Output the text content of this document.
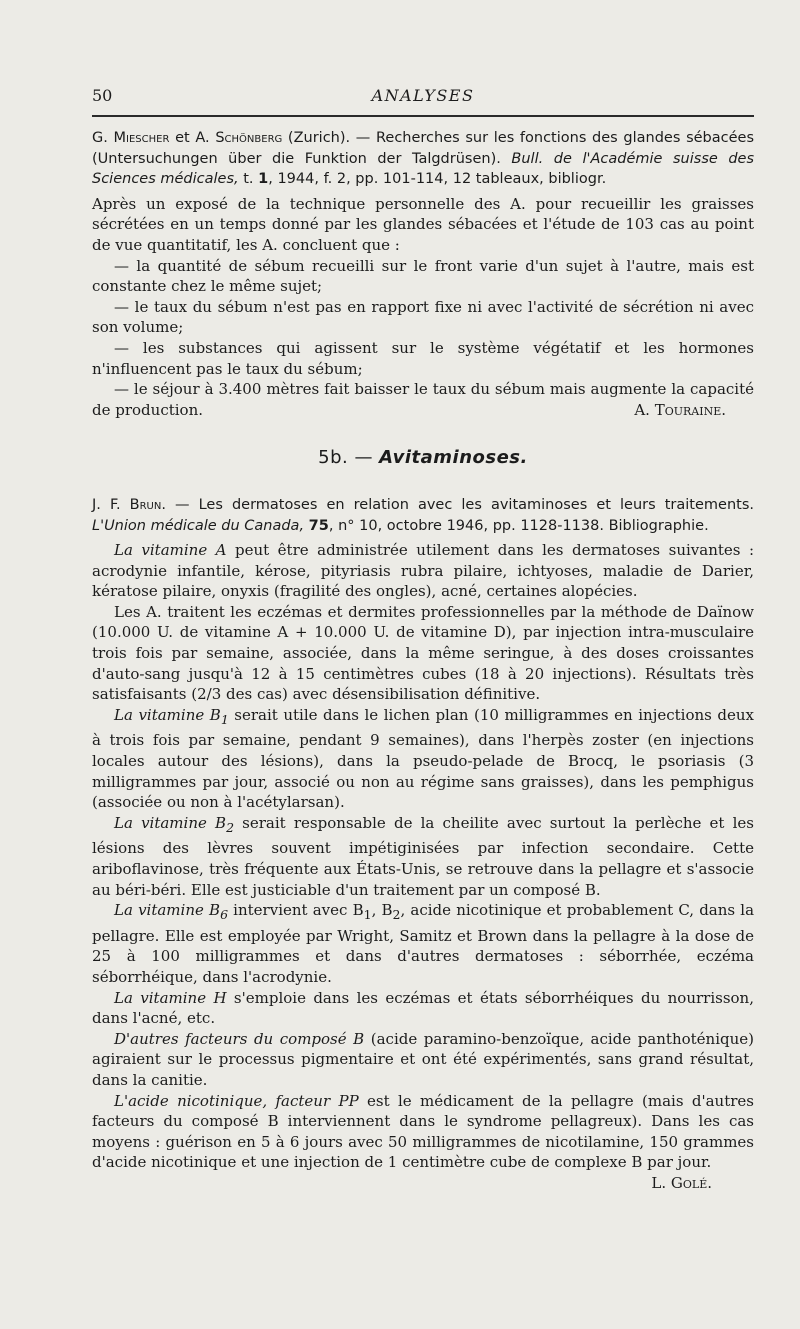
50	ANALYSES

G. Miescher et A. Schönberg (Zurich). — Recherches sur les fonctions des glandes sébacées (Untersuchungen über die Funktion der Talgdrüsen). Bull. de l'Académie suisse des Sciences médicales, t. 1, 1944, f. 2, pp. 101-114, 12 tableaux, bibliogr.

Après un exposé de la technique personnelle des A. pour recueillir les graisses sécrétées en un temps donné par les glandes sébacées et l'étude de 103 cas au point de vue quantitatif, les A. concluent que :

— la quantité de sébum recueilli sur le front varie d'un sujet à l'autre, mais est constante chez le même sujet;

— le taux du sébum n'est pas en rapport fixe ni avec l'activité de sécrétion ni avec son volume;

— les substances qui agissent sur le système végétatif et les hormones n'influencent pas le taux du sébum;

— le séjour à 3.400 mètres fait baisser le taux du sébum mais augmente la capacité de production.	A. Touraine.

5b. — Avitaminoses.

J. F. Brun. — Les dermatoses en relation avec les avitaminoses et leurs traitements. L'Union médicale du Canada, 75, n° 10, octobre 1946, pp. 1128-1138. Bibliographie.

La vitamine A peut être administrée utilement dans les dermatoses suivantes : acrodynie infantile, kérose, pityriasis rubra pilaire, ichtyoses, maladie de Darier, kératose pilaire, onyxis (fragilité des ongles), acné, certaines alopécies.

Les A. traitent les eczémas et dermites professionnelles par la méthode de Daïnow (10.000 U. de vitamine A + 10.000 U. de vitamine D), par injection intra-musculaire trois fois par semaine, associée, dans la même seringue, à des doses croissantes d'auto-sang jusqu'à 12 à 15 centimètres cubes (18 à 20 injections). Résultats très satisfaisants (2/3 des cas) avec désensibilisation définitive.

La vitamine $B_1$ serait utile dans le lichen plan (10 milligrammes en injections deux à trois fois par semaine, pendant 9 semaines), dans l'herpès zoster (en injections locales autour des lésions), dans la pseudo-pelade de Brocq, le psoriasis (3 milligrammes par jour, associé ou non au régime sans graisses), dans les pemphigus (associée ou non à l'acétylarsan).

La vitamine $B_2$ serait responsable de la cheilite avec surtout la perlèche et les lésions des lèvres souvent impétiginisées par infection secondaire. Cette ariboflavinose, très fréquente aux États-Unis, se retrouve dans la pellagre et s'associe au béri-béri. Elle est justiciable d'un traitement par un composé B.

La vitamine $B_6$ intervient avec $B_1$, $B_2$, acide nicotinique et probablement C, dans la pellagre. Elle est employée par Wright, Samitz et Brown dans la pellagre à la dose de 25 à 100 milligrammes et dans d'autres dermatoses : séborrhée, eczéma séborrhéique, dans l'acrodynie.

La vitamine H s'emploie dans les eczémas et états séborrhéiques du nourrisson, dans l'acné, etc.

D'autres facteurs du composé B (acide paramino-benzoïque, acide panthoténique) agiraient sur le processus pigmentaire et ont été expérimentés, sans grand résultat, dans la canitie.

L'acide nicotinique, facteur PP est le médicament de la pellagre (mais d'autres facteurs du composé B interviennent dans le syndrome pellagreux). Dans les cas moyens : guérison en 5 à 6 jours avec 50 milligrammes de nicotilamine, 150 grammes d'acide nicotinique et une injection de 1 centimètre cube de complexe B par jour.
L. Golé.
